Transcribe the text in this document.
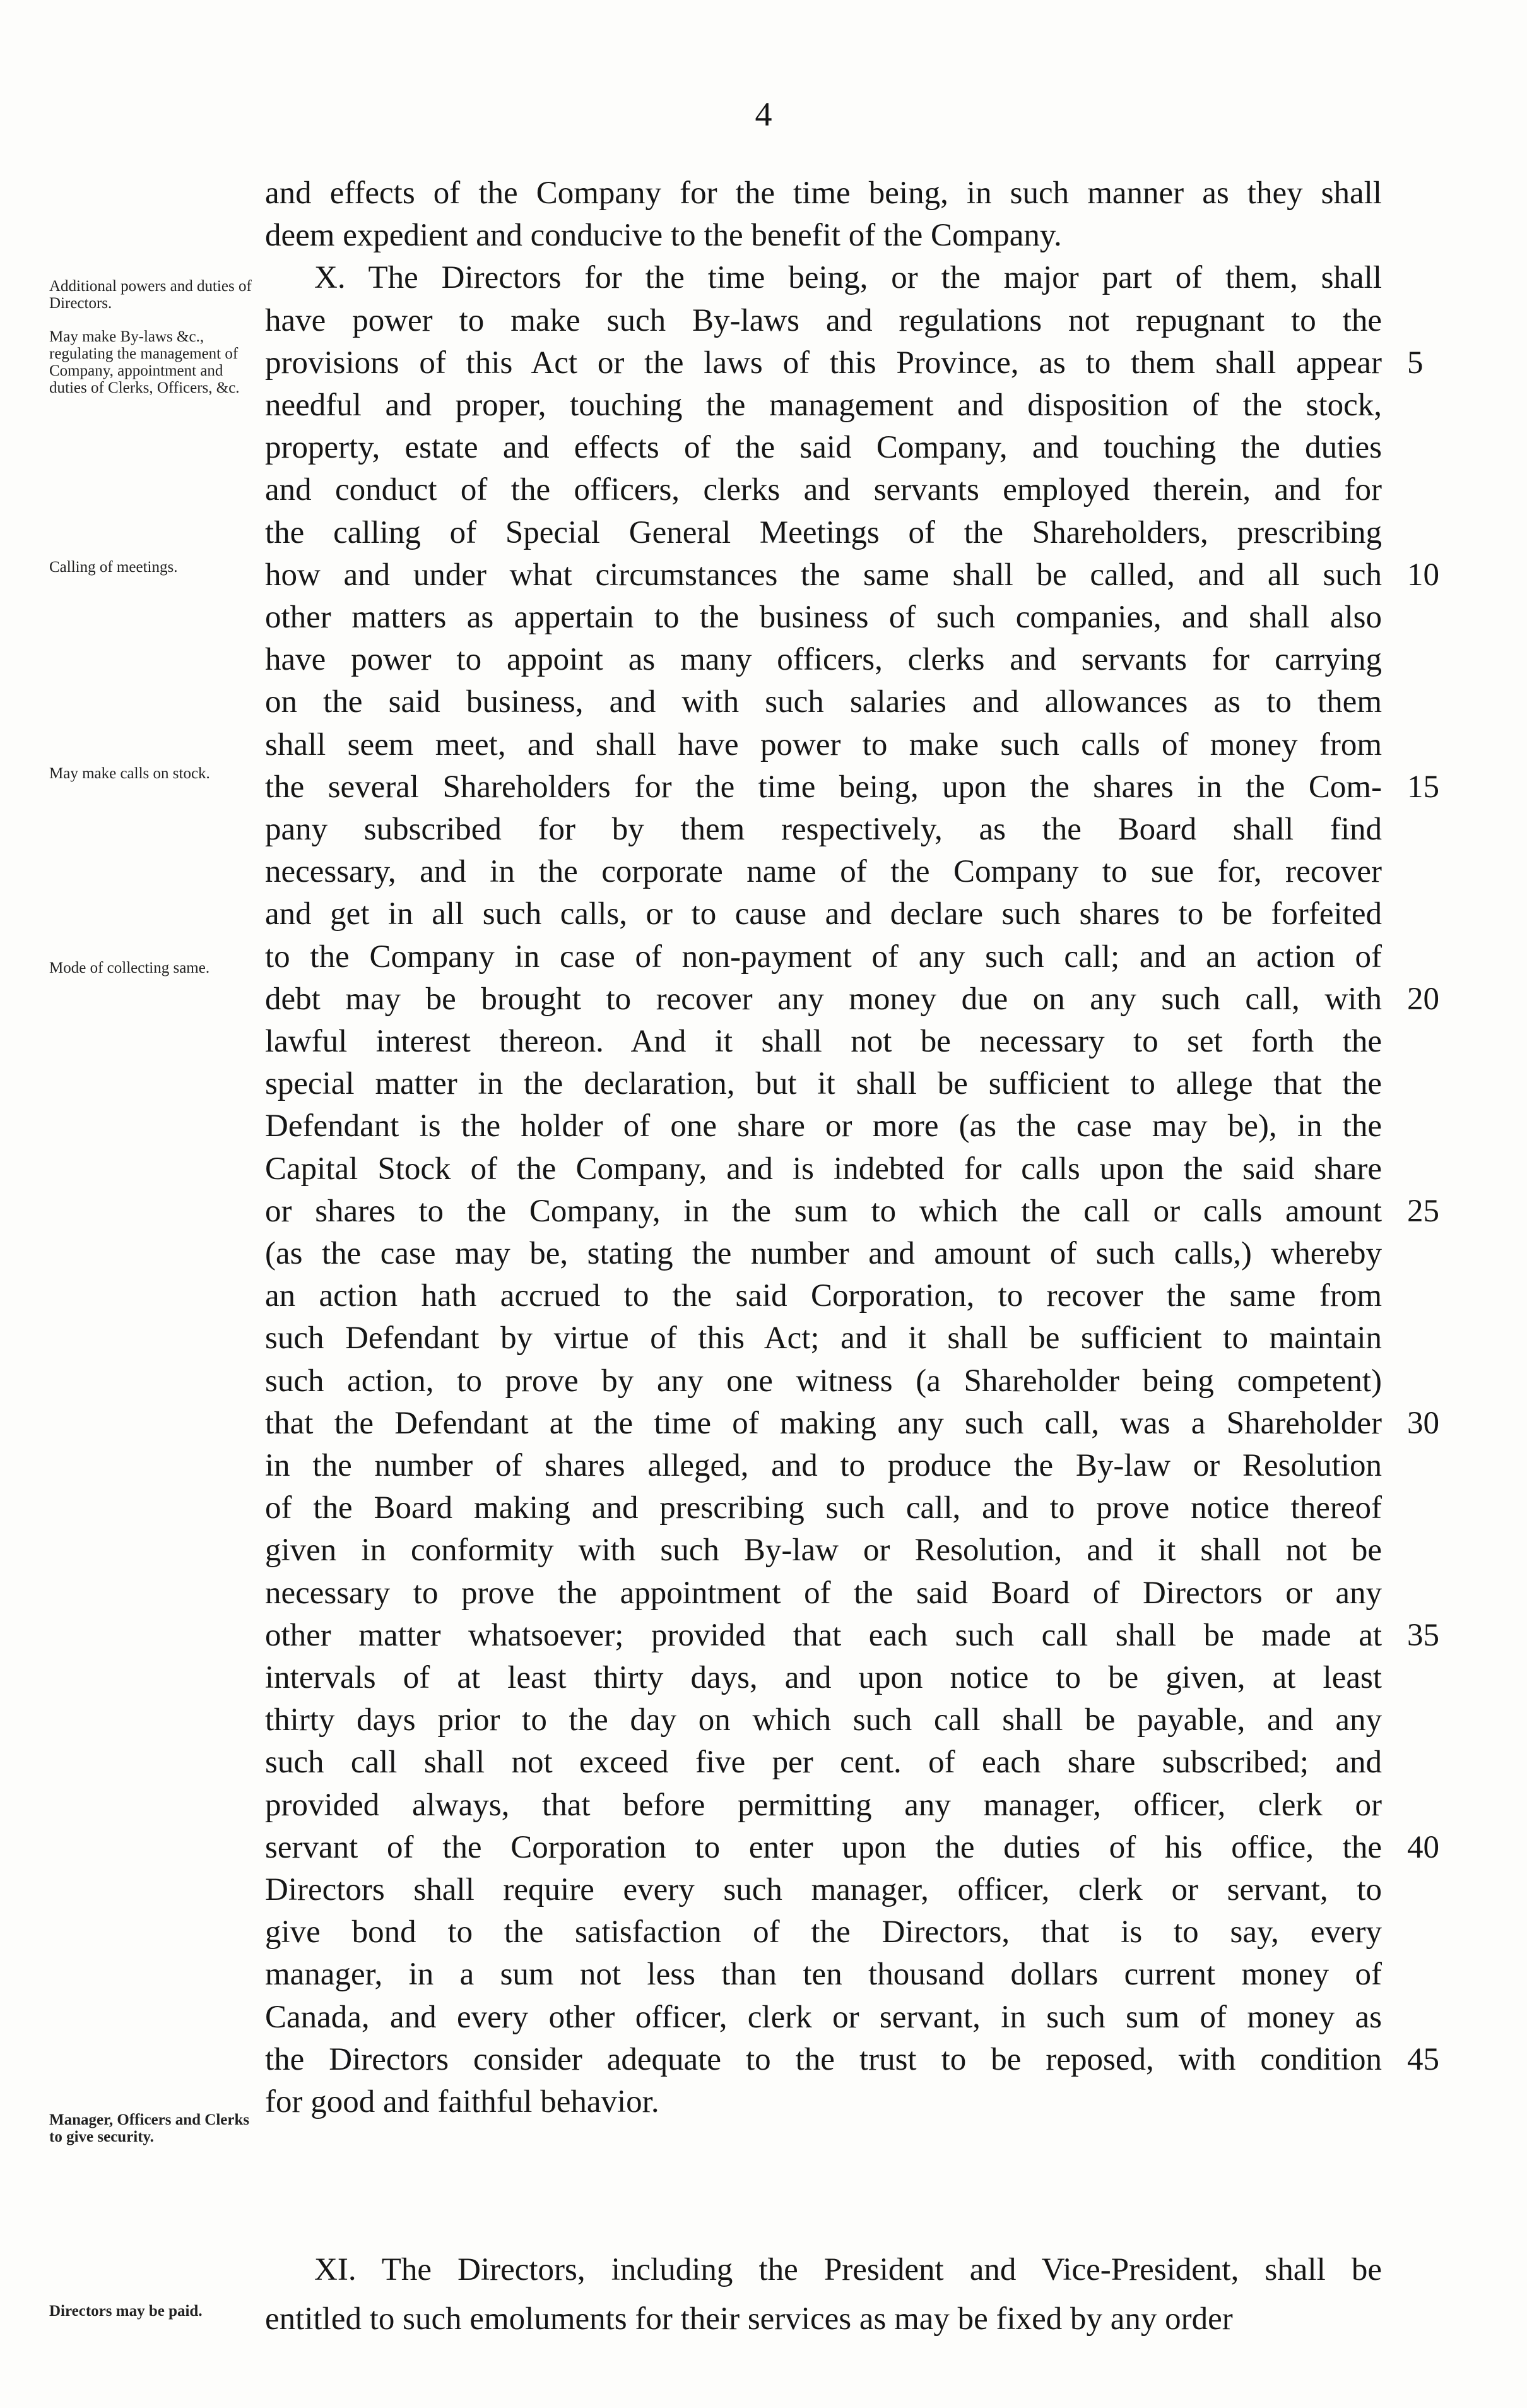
4
and effects of the Company for the time being, in such manner as they shall
deem expedient and conducive to the benefit of the Company.
X. The Directors for the time being, or the major part of them, shall
have power to make such By-laws and regulations not repugnant to the
provisions of this Act or the laws of this Province, as to them shall appear 5
needful and proper, touching the management and disposition of the stock,
property, estate and effects of the said Company, and touching the duties
and conduct of the officers, clerks and servants employed therein, and for
the calling of Special General Meetings of the Shareholders, prescribing
how and under what circumstances the same shall be called, and all such 10
other matters as appertain to the business of such companies, and shall also
have power to appoint as many officers, clerks and servants for carrying
on the said business, and with such salaries and allowances as to them
shall seem meet, and shall have power to make such calls of money from
the several Shareholders for the time being, upon the shares in the Com- 15
pany subscribed for by them respectively, as the Board shall find
necessary, and in the corporate name of the Company to sue for, recover
and get in all such calls, or to cause and declare such shares to be forfeited
to the Company in case of non-payment of any such call; and an action of
debt may be brought to recover any money due on any such call, with 20
lawful interest thereon. And it shall not be necessary to set forth the
special matter in the declaration, but it shall be sufficient to allege that the
Defendant is the holder of one share or more (as the case may be), in the
Capital Stock of the Company, and is indebted for calls upon the said share
or shares to the Company, in the sum to which the call or calls amount 25
(as the case may be, stating the number and amount of such calls,) whereby
an action hath accrued to the said Corporation, to recover the same from
such Defendant by virtue of this Act; and it shall be sufficient to maintain
such action, to prove by any one witness (a Shareholder being competent)
that the Defendant at the time of making any such call, was a Shareholder 30
in the number of shares alleged, and to produce the By-law or Resolution
of the Board making and prescribing such call, and to prove notice thereof
given in conformity with such By-law or Resolution, and it shall not be
necessary to prove the appointment of the said Board of Directors or any
other matter whatsoever; provided that each such call shall be made at 35
intervals of at least thirty days, and upon notice to be given, at least
thirty days prior to the day on which such call shall be payable, and any
such call shall not exceed five per cent. of each share subscribed; and
provided always, that before permitting any manager, officer, clerk or
servant of the Corporation to enter upon the duties of his office, the 40
Directors shall require every such manager, officer, clerk or servant, to
give bond to the satisfaction of the Directors, that is to say, every
manager, in a sum not less than ten thousand dollars current money of
Canada, and every other officer, clerk or servant, in such sum of money as
the Directors consider adequate to the trust to be reposed, with condition 45
for good and faithful behavior.
XI. The Directors, including the President and Vice-President, shall be
entitled to such emoluments for their services as may be fixed by any order
Additional powers and duties of Directors.
May make By-laws &c., regulating the management of Company, appointment and duties of Clerks, Officers, &c.
Calling of meetings.
May make calls on stock.
Mode of collecting same.
Manager, Officers and Clerks to give security.
Directors may be paid.
